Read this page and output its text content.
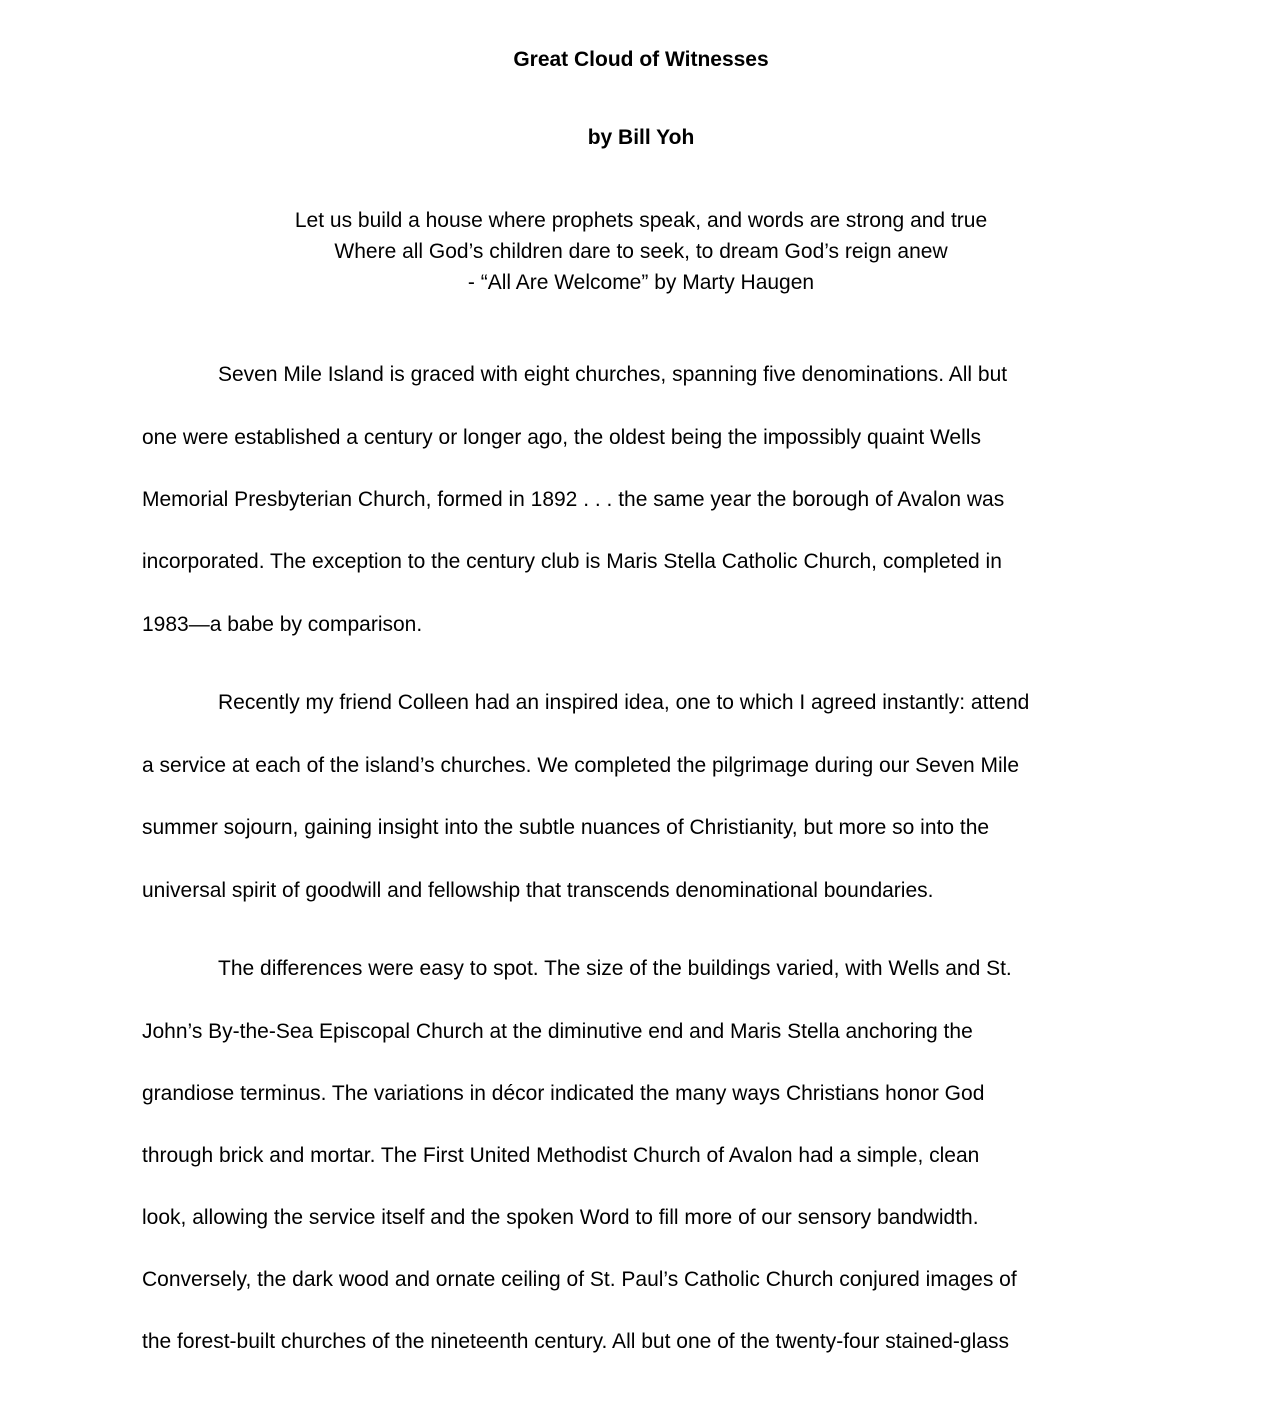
Great Cloud of Witnesses
by Bill Yoh
Let us build a house where prophets speak, and words are strong and true
Where all God’s children dare to seek, to dream God’s reign anew
- “All Are Welcome” by Marty Haugen
Seven Mile Island is graced with eight churches, spanning five denominations. All but
one were established a century or longer ago, the oldest being the impossibly quaint Wells
Memorial Presbyterian Church, formed in 1892 . . . the same year the borough of Avalon was
incorporated. The exception to the century club is Maris Stella Catholic Church, completed in
1983—a babe by comparison.
Recently my friend Colleen had an inspired idea, one to which I agreed instantly: attend
a service at each of the island’s churches. We completed the pilgrimage during our Seven Mile
summer sojourn, gaining insight into the subtle nuances of Christianity, but more so into the
universal spirit of goodwill and fellowship that transcends denominational boundaries.
The differences were easy to spot. The size of the buildings varied, with Wells and St.
John’s By-the-Sea Episcopal Church at the diminutive end and Maris Stella anchoring the
grandiose terminus. The variations in décor indicated the many ways Christians honor God
through brick and mortar. The First United Methodist Church of Avalon had a simple, clean
look, allowing the service itself and the spoken Word to fill more of our sensory bandwidth.
Conversely, the dark wood and ornate ceiling of St. Paul’s Catholic Church conjured images of
the forest-built churches of the nineteenth century. All but one of the twenty-four stained-glass
